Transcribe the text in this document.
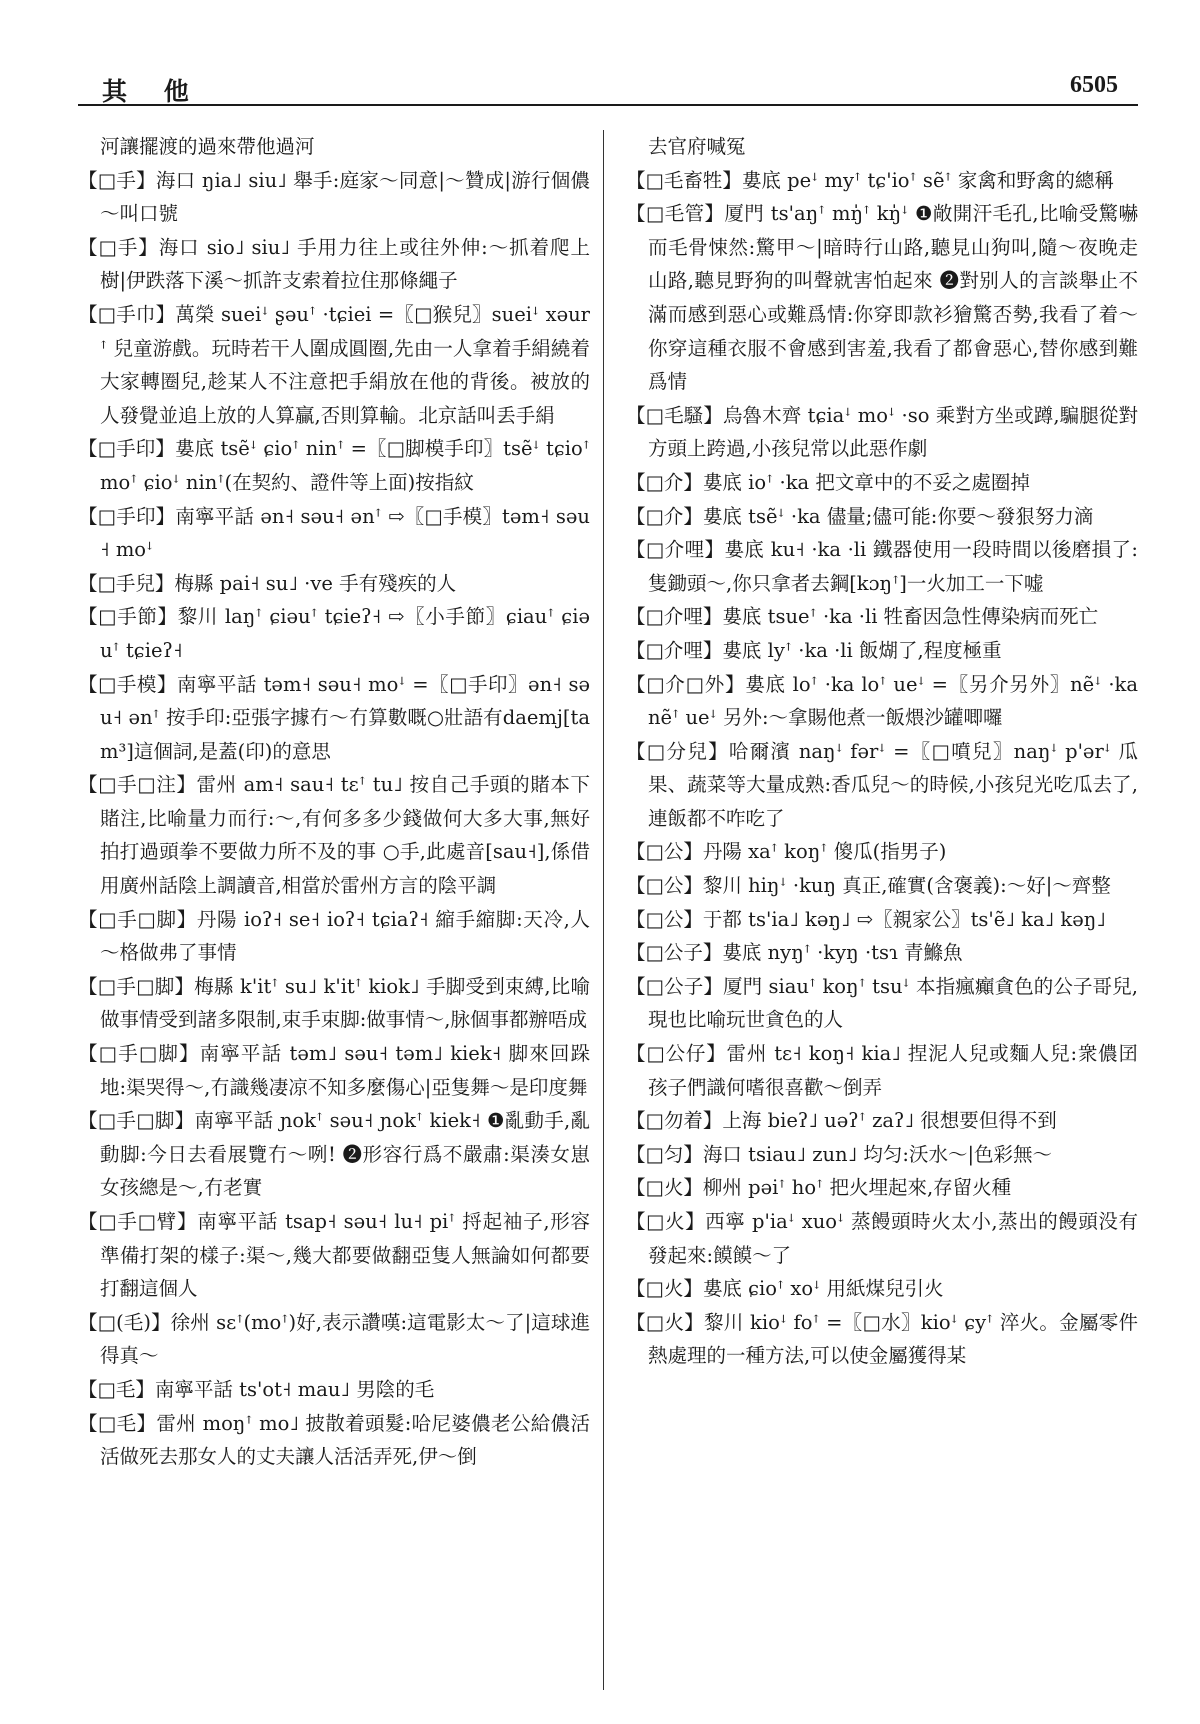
其 他	6505

河讓擺渡的過來帶他過河

【□手】海口 ŋia˩ siu˩ 舉手:庭家～同意|～贊成|游行個儂～叫口號

【□手】海口 sio˩ siu˩ 手用力往上或往外伸:～抓着爬上樹|伊跌落下溪～抓許支索着拉住那條繩子

【□手巾】萬榮 sueiꜜ ʂəuꜛ ·tɕiei =〖□猴兒〗sueiꜜ xəurꜛ 兒童游戲。玩時若干人圍成圓圈,先由一人拿着手絹繞着大家轉圈兒,趁某人不注意把手絹放在他的背後。被放的人發覺並追上放的人算贏,否則算輸。北京話叫丢手絹

【□手印】婁底 tsẽꜜ ɕioꜛ ninꜛ =〖□脚模手印〗tsẽꜜ tɕioꜛ moꜛ ɕioꜜ ninꜛ(在契約、證件等上面)按指紋

【□手印】南寧平話 ən˧ səu˧ ənꜛ ⇨〖□手模〗təm˧ səu˧ moꜜ

【□手兒】梅縣 pai˧ su˩ ·ve 手有殘疾的人

【□手節】黎川 laŋꜛ ɕiəuꜛ tɕieʔ˧ ⇨〖小手節〗ɕiauꜛ ɕiəuꜛ tɕieʔ˧

【□手模】南寧平話 təm˧ səu˧ moꜜ =〖□手印〗ən˧ səu˧ ənꜛ 按手印:亞張字據冇～冇算數嘅○壯語有daemj[tam³]這個詞,是蓋(印)的意思

【□手□注】雷州 am˧ sau˧ tɛꜛ tu˩ 按自己手頭的賭本下賭注,比喻量力而行:～,有何多多少錢做何大多大事,無好拍打過頭拳不要做力所不及的事 ○手,此處音[sau˧],係借用廣州話陰上調讀音,相當於雷州方言的陰平調

【□手□脚】丹陽 ioʔ˧ se˧ ioʔ˧ tɕiaʔ˧ 縮手縮脚:天冷,人～格做弗了事情

【□手□脚】梅縣 k'itꜛ su˩ k'itꜛ kiok˩ 手脚受到束縛,比喻做事情受到諸多限制,束手束脚:做事情～,脉個事都辦唔成

【□手□脚】南寧平話 təm˩ səu˧ təm˩ kiek˧ 脚來回跺地:渠哭得～,冇識幾凄凉不知多麼傷心|亞隻舞～是印度舞

【□手□脚】南寧平話 ɲokꜛ səu˧ ɲokꜛ kiek˧ ❶亂動手,亂動脚:今日去看展覽冇～咧! ❷形容行爲不嚴肅:渠湊女崽女孩總是～,冇老實

【□手□臂】南寧平話 tsap˧ səu˧ lu˧ piꜛ 捋起袖子,形容準備打架的樣子:渠～,幾大都要做翻亞隻人無論如何都要打翻這個人

【□(毛)】徐州 sɛꜛ(moꜛ)好,表示讚嘆:這電影太～了|這球進得真～

【□毛】南寧平話 ts'ot˧ mau˩ 男陰的毛

【□毛】雷州 moŋꜛ mo˩ 披散着頭髮:哈尼婆儂老公給儂活活做死去那女人的丈夫讓人活活弄死,伊～倒

去官府喊冤

【□毛畜牲】婁底 peꜜ myꜛ tɕ'ioꜛ sẽꜛ 家禽和野禽的總稱

【□毛管】厦門 ts'aŋꜛ mŋ̍ꜛ kŋ̍ꜜ ❶敞開汗毛孔,比喻受驚嚇而毛骨悚然:驚甲～|暗時行山路,聽見山狗叫,隨～夜晚走山路,聽見野狗的叫聲就害怕起來 ❷對别人的言談舉止不滿而感到惡心或難爲情:你穿即款衫獪驚否勢,我看了着～你穿這種衣服不會感到害羞,我看了都會惡心,替你感到難爲情

【□毛騷】烏魯木齊 tɕiaꜜ moꜜ ·so 乘對方坐或蹲,騙腿從對方頭上跨過,小孩兒常以此惡作劇

【□介】婁底 ioꜛ ·ka 把文章中的不妥之處圈掉

【□介】婁底 tsẽꜜ ·ka 儘量;儘可能:你要～發狠努力滴

【□介哩】婁底 ku˧ ·ka ·li 鐵器使用一段時間以後磨損了:隻鋤頭～,你只拿者去鋼[kɔŋꜛ]一火加工一下嘘

【□介哩】婁底 tsueꜛ ·ka ·li 牲畜因急性傳染病而死亡

【□介哩】婁底 lyꜛ ·ka ·li 飯煳了,程度極重

【□介□外】婁底 loꜛ ·ka loꜛ ueꜜ =〖另介另外〗nẽꜜ ·ka nẽꜛ ueꜜ 另外:～拿賜他煮一飯煨沙罐唧囉

【□分兒】哈爾濱 naŋꜜ fərꜜ =〖□噴兒〗naŋꜜ p'ərꜜ 瓜果、蔬菜等大量成熟:香瓜兒～的時候,小孩兒光吃瓜去了,連飯都不咋吃了

【□公】丹陽 xaꜛ koŋꜛ 傻瓜(指男子)

【□公】黎川 hiŋꜜ ·kuŋ 真正,確實(含褒義):～好|～齊整

【□公】于都 ts'ia˩ kəŋ˩ ⇨〖親家公〗ts'ẽ˩ ka˩ kəŋ˩

【□公子】婁底 nyŋꜛ ·kyŋ ·tsɿ 青鰷魚

【□公子】厦門 siauꜛ koŋꜛ tsuꜜ 本指瘋癲貪色的公子哥兒,現也比喻玩世貪色的人

【□公仔】雷州 tɛ˧ koŋ˧ kia˩ 捏泥人兒或麵人兒:衆儂囝孩子們識何嗜很喜歡～倒弄

【□勿着】上海 bieʔ˩ uəʔꜛ zaʔ˩ 很想要但得不到

【□匀】海口 tsiau˩ zun˩ 均匀:沃水～|色彩無～

【□火】柳州 pəiꜛ hoꜛ 把火埋起來,存留火種

【□火】西寧 p'iaꜜ xuoꜜ 蒸饅頭時火太小,蒸出的饅頭没有發起來:饃饃～了

【□火】婁底 ɕioꜛ xoꜜ 用紙煤兒引火

【□火】黎川 kioꜜ foꜛ =〖□水〗kioꜜ ɕyꜛ 淬火。金屬零件熱處理的一種方法,可以使金屬獲得某
